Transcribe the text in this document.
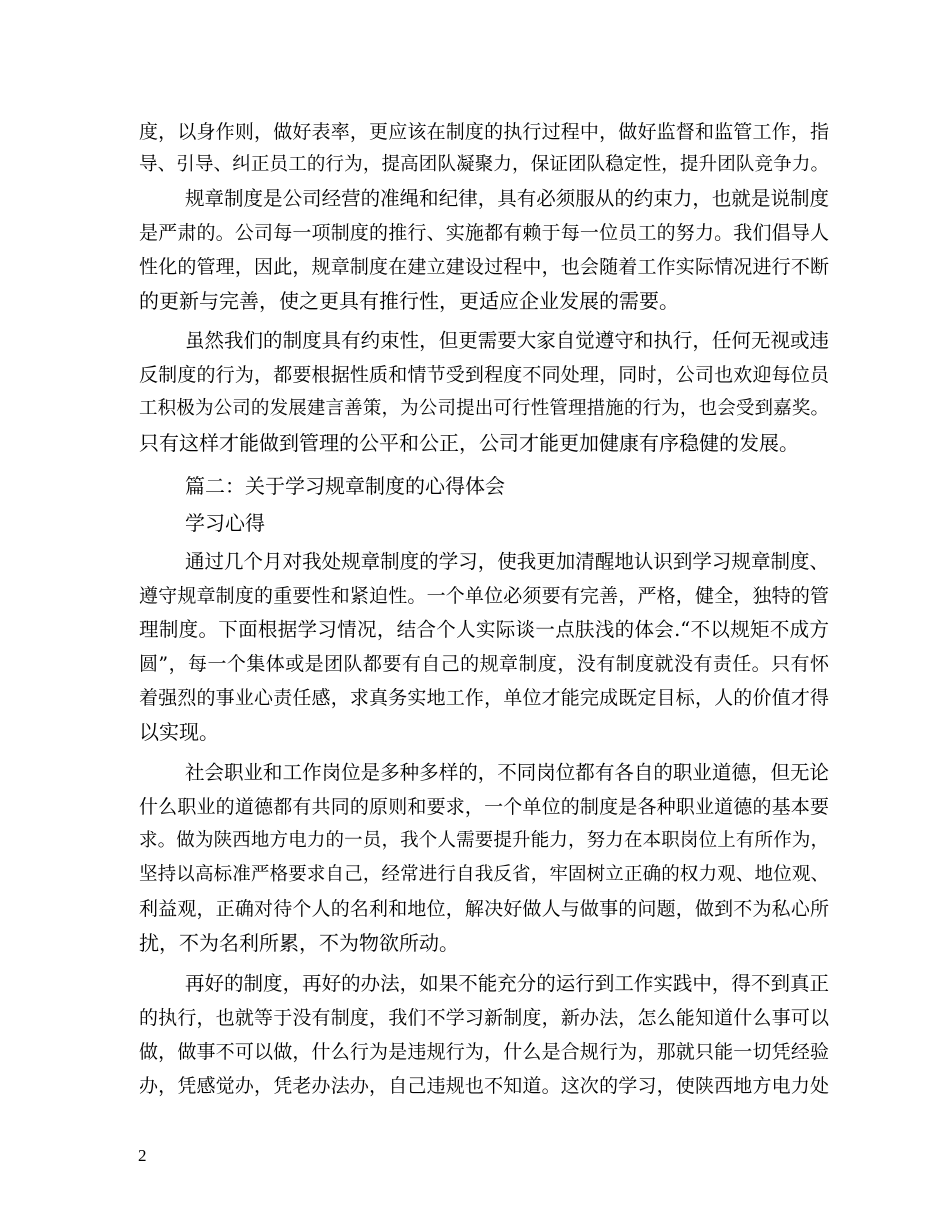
度，以身作则，做好表率，更应该在制度的执行过程中，做好监督和监管工作，指
导、引导、纠正员工的行为，提高团队凝聚力，保证团队稳定性，提升团队竞争力。
规章制度是公司经营的准绳和纪律，具有必须服从的约束力，也就是说制度
是严肃的。公司每一项制度的推行、实施都有赖于每一位员工的努力。我们倡导人
性化的管理，因此，规章制度在建立建设过程中，也会随着工作实际情况进行不断
的更新与完善，使之更具有推行性，更适应企业发展的需要。
虽然我们的制度具有约束性，但更需要大家自觉遵守和执行，任何无视或违
反制度的行为，都要根据性质和情节受到程度不同处理，同时，公司也欢迎每位员
工积极为公司的发展建言善策，为公司提出可行性管理措施的行为，也会受到嘉奖。
只有这样才能做到管理的公平和公正，公司才能更加健康有序稳健的发展。
篇二：关于学习规章制度的心得体会
学习心得
通过几个月对我处规章制度的学习，使我更加清醒地认识到学习规章制度、
遵守规章制度的重要性和紧迫性。一个单位必须要有完善，严格，健全，独特的管
理制度。下面根据学习情况，结合个人实际谈一点肤浅的体会.“不以规矩不成方
圆”，每一个集体或是团队都要有自己的规章制度，没有制度就没有责任。只有怀
着强烈的事业心责任感，求真务实地工作，单位才能完成既定目标，人的价值才得
以实现。
社会职业和工作岗位是多种多样的，不同岗位都有各自的职业道德，但无论
什么职业的道德都有共同的原则和要求，一个单位的制度是各种职业道德的基本要
求。做为陕西地方电力的一员，我个人需要提升能力，努力在本职岗位上有所作为，
坚持以高标准严格要求自己，经常进行自我反省，牢固树立正确的权力观、地位观、
利益观，正确对待个人的名利和地位，解决好做人与做事的问题，做到不为私心所
扰，不为名利所累，不为物欲所动。
再好的制度，再好的办法，如果不能充分的运行到工作实践中，得不到真正
的执行，也就等于没有制度，我们不学习新制度，新办法，怎么能知道什么事可以
做，做事不可以做，什么行为是违规行为，什么是合规行为，那就只能一切凭经验
办，凭感觉办，凭老办法办，自己违规也不知道。这次的学习，使陕西地方电力处
2
